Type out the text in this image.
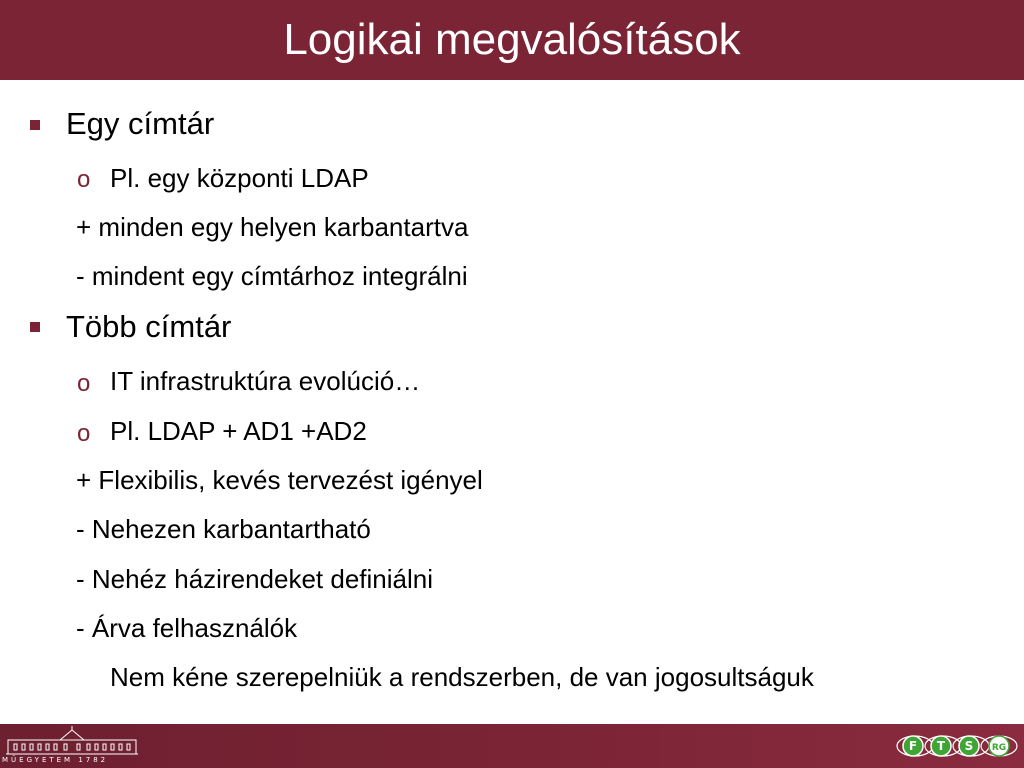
Logikai megvalósítások
Egy címtár
o Pl. egy központi LDAP
+ minden egy helyen karbantartva
- mindent egy címtárhoz integrálni
Több címtár
o IT infrastruktúra evolúció…
o Pl. LDAP + AD1 +AD2
+ Flexibilis, kevés tervezést igényel
- Nehezen karbantartható
- Nehéz házirendeket definiálni
- Árva felhasználók
Nem kéne szerepelniük a rendszerben, de van jogosultságuk
MŰEGYETEM 1782
F T S RG
